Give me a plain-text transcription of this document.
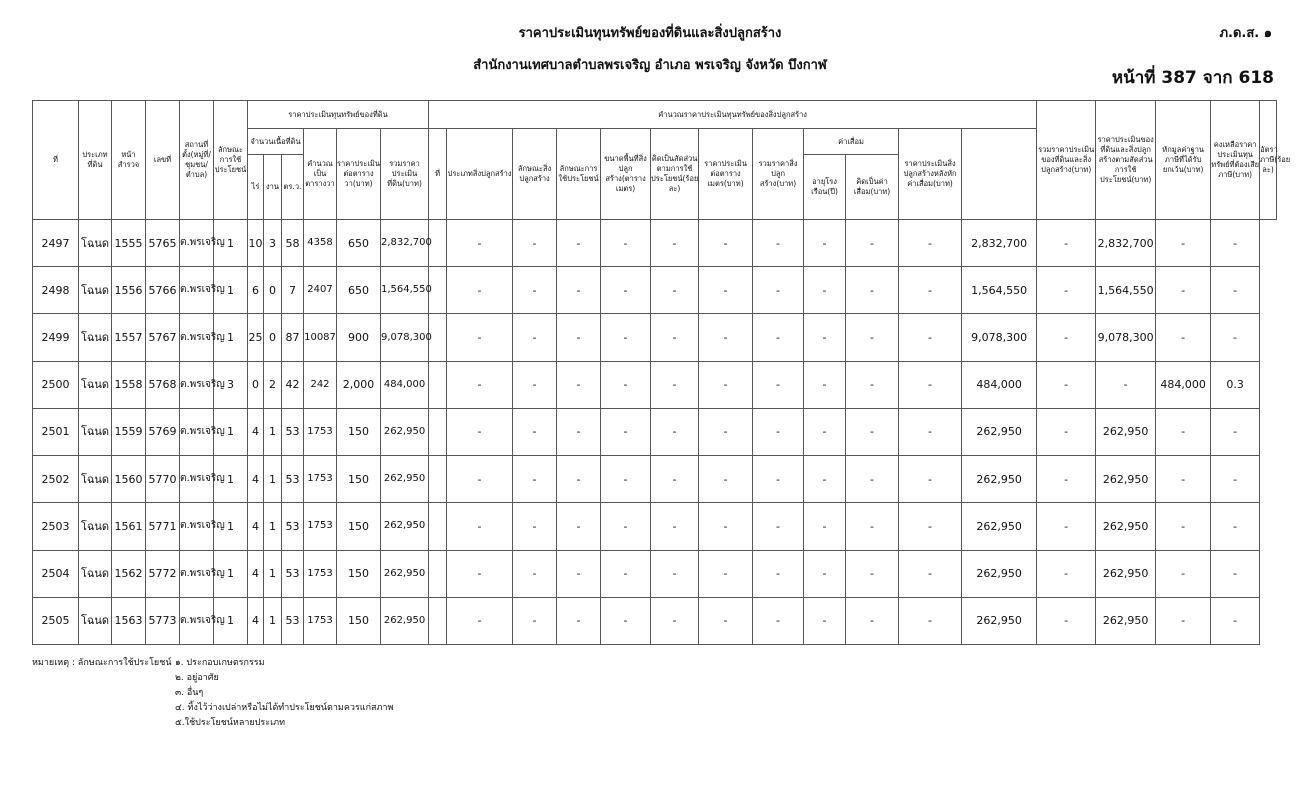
ราคาประเมินทุนทรัพย์ของที่ดินและสิ่งปลูกสร้าง
สำนักงานเทศบาลตำบลพรเจริญ อำเภอ พรเจริญ จังหวัด บึงกาฬ
ภ.ด.ส. ๑
หน้าที่ 387 จาก 618
ที่	ประเภทที่ดิน	หน้าสำรวจ	เลขที่	สถานที่ตั้ง(หมู่ที่/ชุมชน/ตำบล)	ลักษณะการใช้ประโยชน์	ราคาประเมินทุนทรัพย์ของที่ดิน						คำนวณราคาประเมินทุนทรัพย์ของสิ่งปลูกสร้าง												รวมราคาประเมินของที่ดินและสิ่งปลูกสร้าง(บาท)	ราคาประเมินของที่ดินและสิ่งปลูกสร้างตามสัดส่วนการใช้ประโยชน์(บาท)	หักมูลค่าฐานภาษีที่ได้รับยกเว้น(บาท)	คงเหลือราคาประเมินทุนทรัพย์ที่ต้องเสียภาษี(บาท)	อัตราภาษี(ร้อยละ)
						จำนวนเนื้อที่ดิน			คำนวณเป็นตารางวา	ราคาประเมินต่อตารางวา(บาท)	รวมราคาประเมินที่ดิน(บาท)	ที่	ประเภทสิ่งปลูกสร้าง	ลักษณะสิ่งปลูกสร้าง	ลักษณะการใช้ประโยชน์	ขนาดพื้นที่สิ่งปลูกสร้าง(ตารางเมตร)	คิดเป็นสัดส่วนตามการใช้ประโยชน์(ร้อยละ)	ราคาประเมินต่อตารางเมตร(บาท)	รวมราคาสิ่งปลูกสร้าง(บาท)	ค่าเสื่อม		ราคาประเมินสิ่งปลูกสร้างหลังหักค่าเสื่อม(บาท)						
						ไร่	งาน	ตร.ว.												อายุโรงเรือน(ปี)	คิดเป็นค่าเสื่อม(บาท)							
2497	โฉนด	1555	5765	ต.พรเจริญ	1	10	3	58	4358	650	2,832,700		-	-	-	-	-	-	-	-	-	-	2,832,700	-	2,832,700	-	-	
2498	โฉนด	1556	5766	ต.พรเจริญ	1	6	0	7	2407	650	1,564,550		-	-	-	-	-	-	-	-	-	-	1,564,550	-	1,564,550	-	-	
2499	โฉนด	1557	5767	ต.พรเจริญ	1	25	0	87	10087	900	9,078,300		-	-	-	-	-	-	-	-	-	-	9,078,300	-	9,078,300	-	-	
2500	โฉนด	1558	5768	ต.พรเจริญ	3	0	2	42	242	2,000	484,000		-	-	-	-	-	-	-	-	-	-	484,000	-	-	484,000	0.3	
2501	โฉนด	1559	5769	ต.พรเจริญ	1	4	1	53	1753	150	262,950		-	-	-	-	-	-	-	-	-	-	262,950	-	262,950	-	-	
2502	โฉนด	1560	5770	ต.พรเจริญ	1	4	1	53	1753	150	262,950		-	-	-	-	-	-	-	-	-	-	262,950	-	262,950	-	-	
2503	โฉนด	1561	5771	ต.พรเจริญ	1	4	1	53	1753	150	262,950		-	-	-	-	-	-	-	-	-	-	262,950	-	262,950	-	-	
2504	โฉนด	1562	5772	ต.พรเจริญ	1	4	1	53	1753	150	262,950		-	-	-	-	-	-	-	-	-	-	262,950	-	262,950	-	-	
2505	โฉนด	1563	5773	ต.พรเจริญ	1	4	1	53	1753	150	262,950		-	-	-	-	-	-	-	-	-	-	262,950	-	262,950	-	-	
หมายเหตุ : ลักษณะการใช้ประโยชน์ ๑. ประกอบเกษตรกรรม
๒. อยู่อาศัย
๓. อื่นๆ
๔. ทิ้งไว้ว่างเปล่าหรือไม่ได้ทำประโยชน์ตามควรแก่สภาพ
๕.ใช้ประโยชน์หลายประเภท
